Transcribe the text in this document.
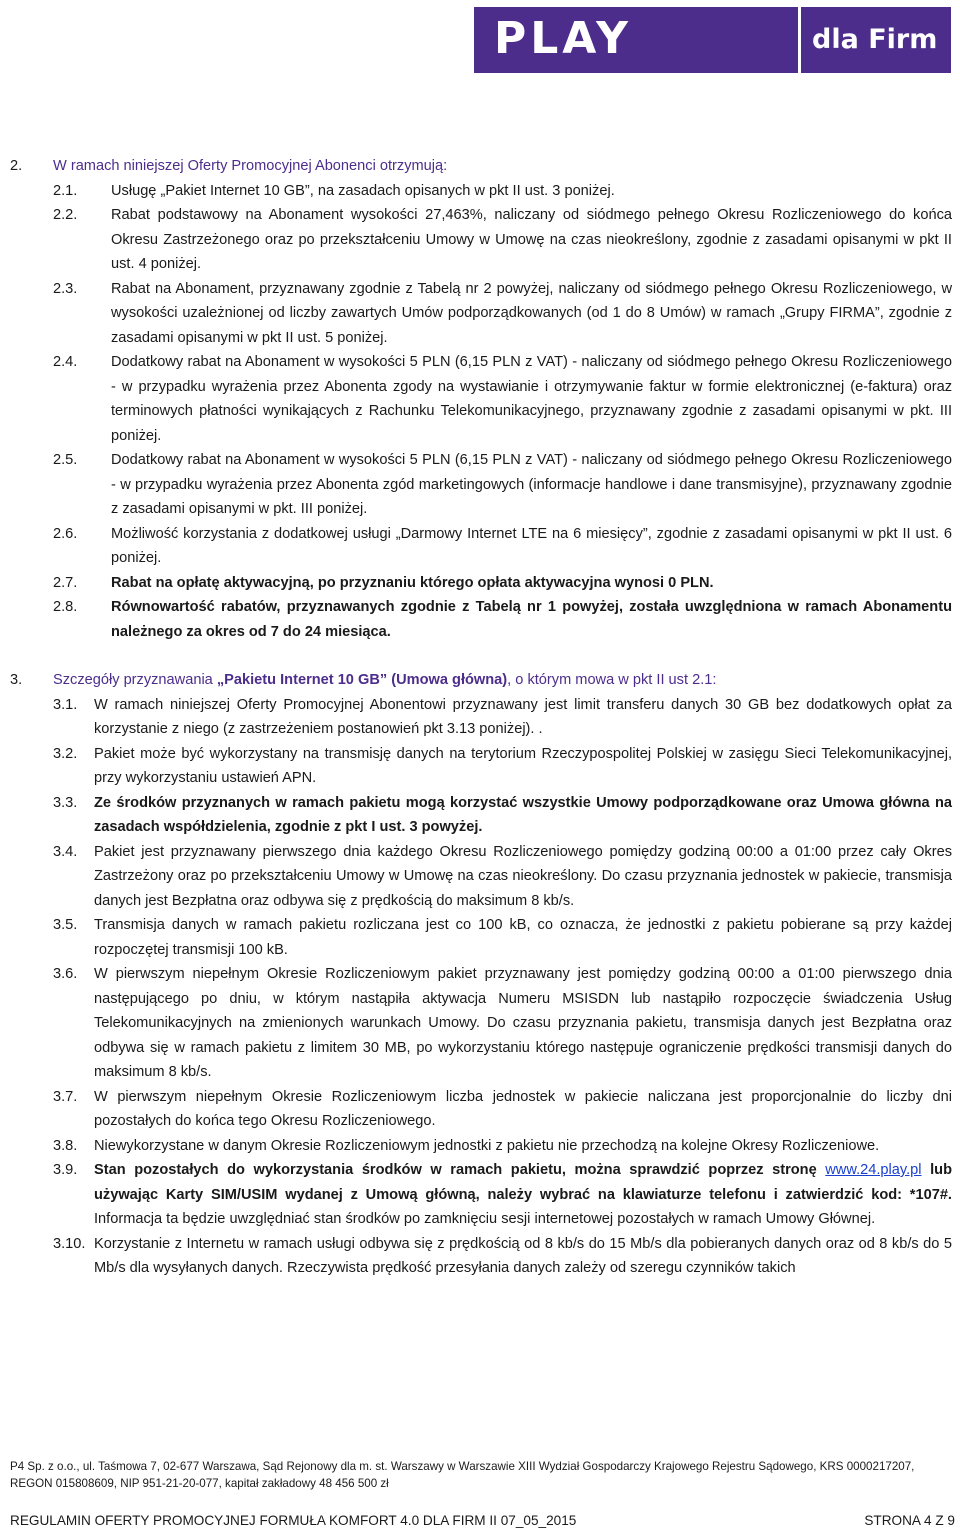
PLAY	dla Firm
2. W ramach niniejszej Oferty Promocyjnej Abonenci otrzymują:
2.1. Usługę „Pakiet Internet 10 GB”, na zasadach opisanych w pkt II ust. 3 poniżej.
2.2. Rabat podstawowy na Abonament wysokości 27,463%, naliczany od siódmego pełnego Okresu Rozliczeniowego do końca Okresu Zastrzeżonego oraz po przekształceniu Umowy w Umowę na czas nieokreślony, zgodnie z zasadami opisanymi w pkt II ust. 4 poniżej.
2.3. Rabat na Abonament, przyznawany zgodnie z Tabelą nr 2 powyżej, naliczany od siódmego pełnego Okresu Rozliczeniowego, w wysokości uzależnionej od liczby zawartych Umów podporządkowanych (od 1 do 8 Umów) w ramach „Grupy FIRMA”, zgodnie z zasadami opisanymi w pkt II ust. 5 poniżej.
2.4. Dodatkowy rabat na Abonament w wysokości 5 PLN (6,15 PLN z VAT) - naliczany od siódmego pełnego Okresu Rozliczeniowego - w przypadku wyrażenia przez Abonenta zgody na wystawianie i otrzymywanie faktur w formie elektronicznej (e-faktura) oraz terminowych płatności wynikających z Rachunku Telekomunikacyjnego, przyznawany zgodnie z zasadami opisanymi w pkt. III poniżej.
2.5. Dodatkowy rabat na Abonament w wysokości 5 PLN (6,15 PLN z VAT) - naliczany od siódmego pełnego Okresu Rozliczeniowego - w przypadku wyrażenia przez Abonenta zgód marketingowych (informacje handlowe i dane transmisyjne), przyznawany zgodnie z zasadami opisanymi w pkt. III poniżej.
2.6. Możliwość korzystania z dodatkowej usługi „Darmowy Internet LTE na 6 miesięcy”, zgodnie z zasadami opisanymi w pkt II ust. 6 poniżej.
2.7. Rabat na opłatę aktywacyjną, po przyznaniu którego opłata aktywacyjna wynosi 0 PLN.
2.8. Równowartość rabatów, przyznawanych zgodnie z Tabelą nr 1 powyżej, została uwzględniona w ramach Abonamentu należnego za okres od 7 do 24 miesiąca.
3. Szczegóły przyznawania „Pakietu Internet 10 GB” (Umowa główna), o którym mowa w pkt II ust 2.1:
3.1. W ramach niniejszej Oferty Promocyjnej Abonentowi przyznawany jest limit transferu danych 30 GB bez dodatkowych opłat za korzystanie z niego (z zastrzeżeniem postanowień pkt 3.13 poniżej). .
3.2. Pakiet może być wykorzystany na transmisję danych na terytorium Rzeczypospolitej Polskiej w zasięgu Sieci Telekomunikacyjnej, przy wykorzystaniu ustawień APN.
3.3. Ze środków przyznanych w ramach pakietu mogą korzystać wszystkie Umowy podporządkowane oraz Umowa główna na zasadach współdzielenia, zgodnie z pkt I ust. 3 powyżej.
3.4. Pakiet jest przyznawany pierwszego dnia każdego Okresu Rozliczeniowego pomiędzy godziną 00:00 a 01:00 przez cały Okres Zastrzeżony oraz po przekształceniu Umowy w Umowę na czas nieokreślony. Do czasu przyznania jednostek w pakiecie, transmisja danych jest Bezpłatna oraz odbywa się z prędkością do maksimum 8 kb/s.
3.5. Transmisja danych w ramach pakietu rozliczana jest co 100 kB, co oznacza, że jednostki z pakietu pobierane są przy każdej rozpoczętej transmisji 100 kB.
3.6. W pierwszym niepełnym Okresie Rozliczeniowym pakiet przyznawany jest pomiędzy godziną 00:00 a 01:00 pierwszego dnia następującego po dniu, w którym nastąpiła aktywacja Numeru MSISDN lub nastąpiło rozpoczęcie świadczenia Usług Telekomunikacyjnych na zmienionych warunkach Umowy. Do czasu przyznania pakietu, transmisja danych jest Bezpłatna oraz odbywa się w ramach pakietu z limitem 30 MB, po wykorzystaniu którego następuje ograniczenie prędkości transmisji danych do maksimum 8 kb/s.
3.7. W pierwszym niepełnym Okresie Rozliczeniowym liczba jednostek w pakiecie naliczana jest proporcjonalnie do liczby dni pozostałych do końca tego Okresu Rozliczeniowego.
3.8. Niewykorzystane w danym Okresie Rozliczeniowym jednostki z pakietu nie przechodzą na kolejne Okresy Rozliczeniowe.
3.9. Stan pozostałych do wykorzystania środków w ramach pakietu, można sprawdzić poprzez stronę www.24.play.pl lub używając Karty SIM/USIM wydanej z Umową główną, należy wybrać na klawiaturze telefonu i zatwierdzić kod: *107#. Informacja ta będzie uwzględniać stan środków po zamknięciu sesji internetowej pozostałych w ramach Umowy Głównej.
3.10. Korzystanie z Internetu w ramach usługi odbywa się z prędkością od 8 kb/s do 15 Mb/s dla pobieranych danych oraz od 8 kb/s do 5 Mb/s dla wysyłanych danych. Rzeczywista prędkość przesyłania danych zależy od szeregu czynników takich
P4 Sp. z o.o., ul. Taśmowa 7, 02-677 Warszawa, Sąd Rejonowy dla m. st. Warszawy w Warszawie XIII Wydział Gospodarczy Krajowego Rejestru Sądowego, KRS 0000217207,
REGON 015808609, NIP 951-21-20-077, kapitał zakładowy 48 456 500 zł
REGULAMIN OFERTY PROMOCYJNEJ FORMUŁA KOMFORT 4.0 DLA FIRM II 07_05_2015	STRONA 4 Z 9
